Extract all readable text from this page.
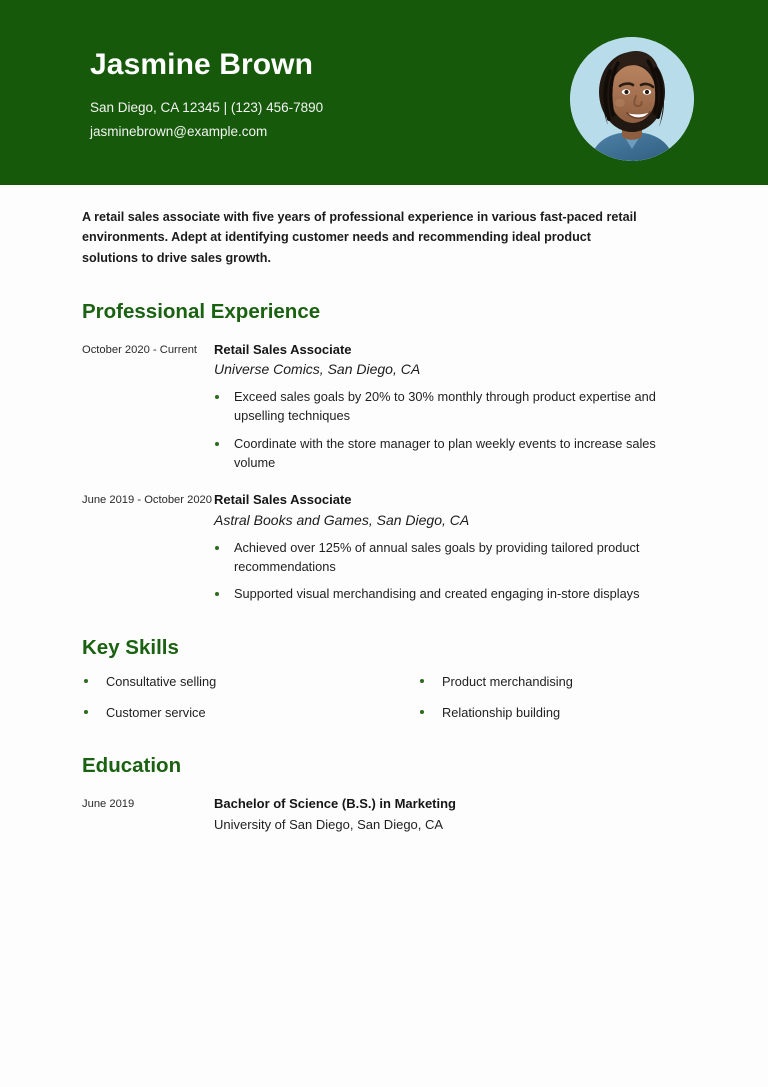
Jasmine Brown

San Diego, CA 12345 | (123) 456-7890

jasminebrown@example.com

A retail sales associate with five years of professional experience in various fast-paced retail environments. Adept at identifying customer needs and recommending ideal product solutions to drive sales growth.

Professional Experience
October 2020 - Current	Retail Sales Associate

Universe Comics, San Diego, CA

Exceed sales goals by 20% to 30% monthly through product expertise and upselling techniques
Coordinate with the store manager to plan weekly events to increase sales volume
June 2019 - October 2020 Retail Sales Associate

Astral Books and Games, San Diego, CA

Achieved over 125% of annual sales goals by providing tailored product recommendations
Supported visual merchandising and created engaging in-store displays
Key Skills
Consultative selling
Customer service
Product merchandising
Relationship building
Education
June 2019	Bachelor of Science (B.S.) in Marketing

University of San Diego, San Diego, CA
